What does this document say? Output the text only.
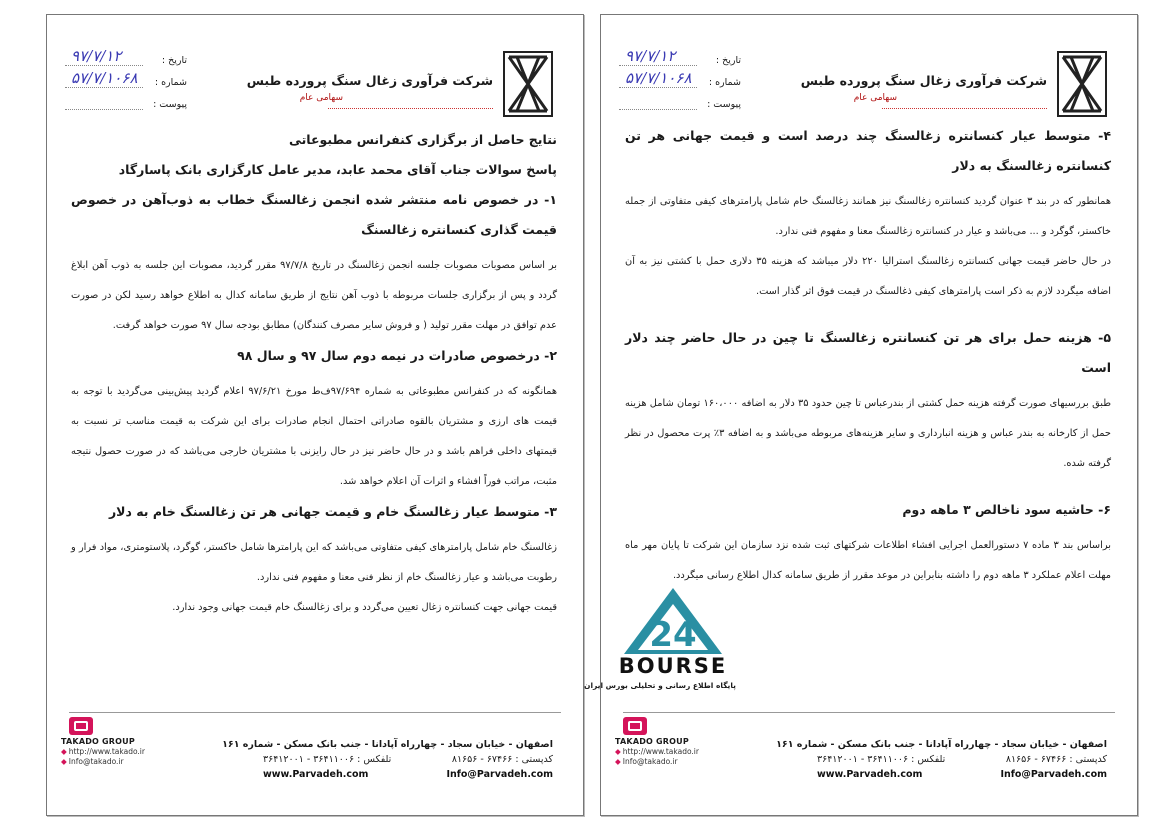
شرکت فرآوری زغال سنگ پرورده طبس
سهامی عام
تاریخ :
۹۷/۷/۱۲
شماره :
۵۷/۷/۱۰۶۸
پیوست :

نتایج حاصل از برگزاری کنفرانس مطبوعاتی

پاسخ سوالات جناب آقای محمد عابد، مدیر عامل کارگزاری بانک پاسارگاد

۱- در خصوص نامه منتشر شده انجمن زغالسنگ خطاب به ذوب‌آهن در خصوص قیمت گذاری کنسانتره زغالسنگ

بر اساس مصوبات مصوبات جلسه انجمن زغالسنگ در تاریخ ۹۷/۷/۸ مقرر گردید، مصوبات این جلسه به ذوب آهن ابلاغ گردد و پس از برگزاری جلسات مربوطه با ذوب آهن نتایج از طریق سامانه کدال به اطلاع خواهد رسید لکن در صورت عدم توافق در مهلت مقرر تولید ( و فروش سایر مصرف کنندگان) مطابق بودجه سال ۹۷ صورت خواهد گرفت.

۲- درخصوص صادرات در نیمه دوم سال ۹۷ و سال ۹۸

همانگونه که در کنفرانس مطبوعاتی به شماره ۹۷/۶۹۴ف‌ط مورخ ۹۷/۶/۲۱ اعلام گردید پیش‌بینی می‌گردید با توجه به قیمت های ارزی و مشتریان بالقوه صادراتی احتمال انجام صادرات برای این شرکت به قیمت مناسب تر نسبت به قیمتهای داخلی فراهم باشد و در حال حاضر نیز در حال رایزنی با مشتریان خارجی می‌باشد که در صورت حصول نتیجه مثبت، مراتب فوراً افشاء و اثرات آن اعلام خواهد شد.

۳- متوسط عیار زغالسنگ خام و قیمت جهانی هر تن زغالسنگ خام به دلار

زغالسنگ خام شامل پارامترهای کیفی متفاوتی می‌باشد که این پارامترها شامل خاکستر، گوگرد، پلاستومتری، مواد فرار و رطوبت می‌باشد و عیار زغالسنگ خام از نظر فنی معنا و مفهوم فنی ندارد.

قیمت جهانی جهت کنسانتره زغال تعیین می‌گردد و برای زغالسنگ خام قیمت جهانی وجود ندارد.

TAKADO GROUP
◆ http://www.takado.ir
◆ Info@takado.ir
اصفهان - خیابان سجاد - چهارراه آپادانا - جنب بانک مسکن - شماره ۱۶۱
کدپستی : ۶۷۴۶۶ - ۸۱۶۵۶
تلفکس : ۳۶۴۱۱۰۰۶ - ۳۶۴۱۲۰۰۱
Info@Parvadeh.com
www.Parvadeh.com
شرکت فرآوری زغال سنگ پرورده طبس
سهامی عام
تاریخ :
۹۷/۷/۱۲
شماره :
۵۷/۷/۱۰۶۸
پیوست :

۴- متوسط عیار کنسانتره زغالسنگ چند درصد است و قیمت جهانی هر تن کنسانتره زغالسنگ به دلار

همانطور که در بند ۳ عنوان گردید کنسانتره زغالسنگ نیز همانند زغالسنگ خام شامل پارامترهای کیفی متفاوتی از جمله خاکستر، گوگرد و ... می‌باشد و عیار در کنسانتره زغالسنگ معنا و مفهوم فنی ندارد.

در حال حاضر قیمت جهانی کنسانتره زغالسنگ استرالیا ۲۲۰ دلار میباشد که هزینه ۳۵ دلاری حمل با کشتی نیز به آن اضافه میگردد لازم به ذکر است پارامترهای کیفی ذغالسنگ در قیمت فوق اثر گذار است.

۵- هزینه حمل برای هر تن کنسانتره زغالسنگ تا چین در حال حاضر چند دلار است

طبق بررسیهای صورت گرفته هزینه حمل کشتی از بندرعباس تا چین حدود ۳۵ دلار به اضافه ۱۶۰،۰۰۰ تومان شامل هزینه حمل از کارخانه به بندر عباس و هزینه انبارداری و سایر هزینه‌های مربوطه می‌باشد و به اضافه ۳٪ پرت محصول در نظر گرفته شده.

۶- حاشیه سود ناخالص ۳ ماهه دوم

براساس بند ۳ ماده ۷ دستورالعمل اجرایی افشاء اطلاعات شرکتهای ثبت شده نزد سازمان این شرکت تا پایان مهر ماه مهلت اعلام عملکرد ۳ ماهه دوم را داشته بنابراین در موعد مقرر از طریق سامانه کدال اطلاع رسانی میگردد.

TAKADO GROUP
◆ http://www.takado.ir
◆ Info@takado.ir
اصفهان - خیابان سجاد - چهارراه آپادانا - جنب بانک مسکن - شماره ۱۶۱
کدپستی : ۶۷۴۶۶ - ۸۱۶۵۶
تلفکس : ۳۶۴۱۱۰۰۶ - ۳۶۴۱۲۰۰۱
Info@Parvadeh.com
www.Parvadeh.com
24
BOURSE
پایگاه اطلاع رسانی و تحلیلی بورس ایران
